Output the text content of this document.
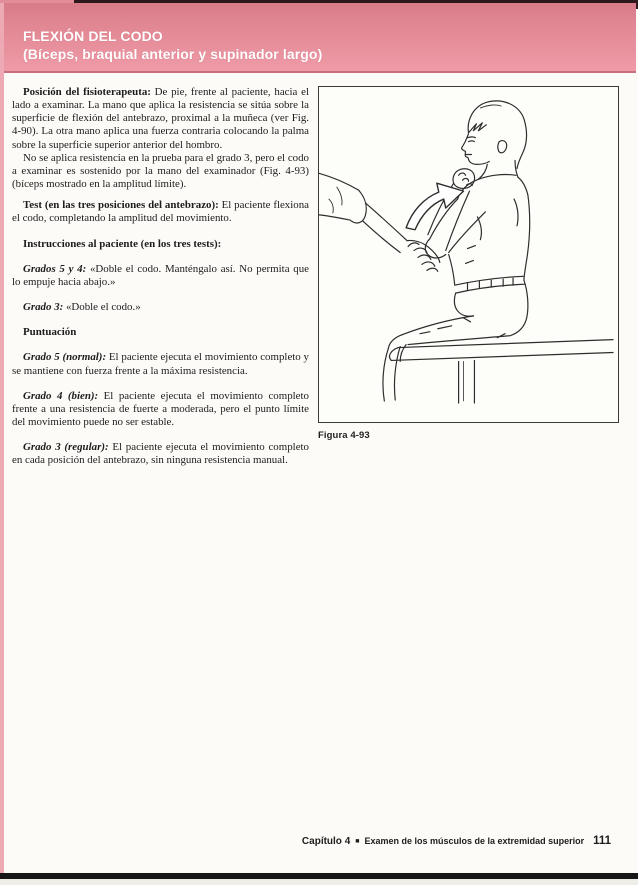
FLEXIÓN DEL CODO
(Bíceps, braquial anterior y supinador largo)

Posición del fisioterapeuta: De pie, frente al paciente, hacia el lado a examinar. La mano que aplica la resistencia se sitúa sobre la superficie de flexión del antebrazo, proximal a la muñeca (ver Fig. 4-90). La otra mano aplica una fuerza contraria colocando la palma sobre la superficie superior anterior del hombro.

No se aplica resistencia en la prueba para el grado 3, pero el codo a examinar es sostenido por la mano del examinador (Fig. 4-93) (bíceps mostrado en la amplitud límite).

Test (en las tres posiciones del antebrazo): El paciente flexiona el codo, completando la amplitud del movimiento.

Instrucciones al paciente (en los tres tests):

Grados 5 y 4: «Doble el codo. Manténgalo así. No permita que lo empuje hacia abajo.»

Grado 3: «Doble el codo.»

Puntuación

Grado 5 (normal): El paciente ejecuta el movimiento completo y se mantiene con fuerza frente a la máxima resistencia.

Grado 4 (bien): El paciente ejecuta el movimiento completo frente a una resistencia de fuerte a moderada, pero el punto límite del movimiento puede no ser estable.

Grado 3 (regular): El paciente ejecuta el movimiento completo en cada posición del antebrazo, sin ninguna resistencia manual.

Figura 4-93
Capítulo 4 ■ Examen de los músculos de la extremidad superior 111
